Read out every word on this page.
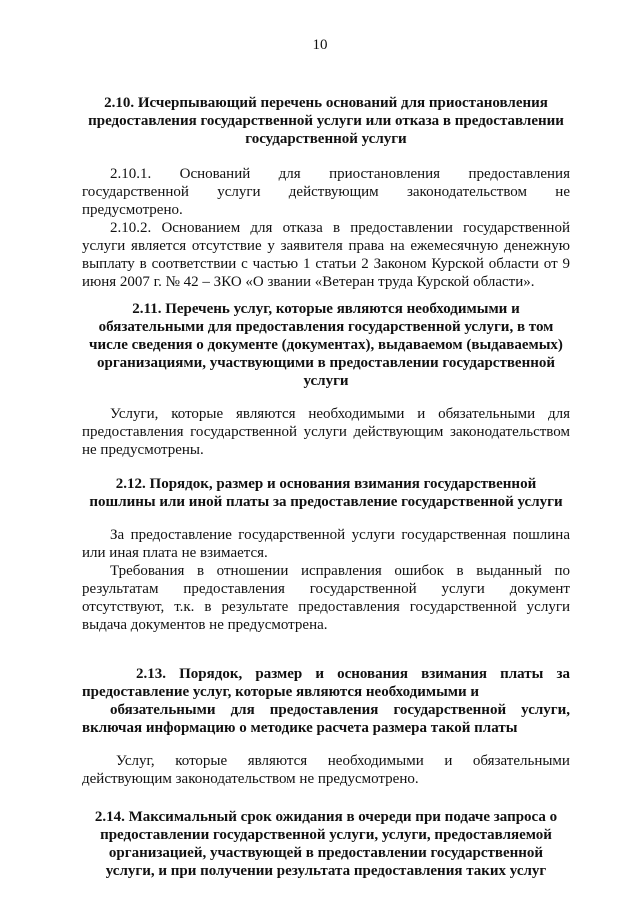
10
2.10. Исчерпывающий перечень оснований для приостановления
предоставления государственной услуги или отказа в предоставлении
государственной услуги
2.10.1. Оснований для приостановления предоставления
государственной услуги действующим законодательством не
предусмотрено.
2.10.2. Основанием для отказа в предоставлении государственной
услуги является отсутствие у заявителя права на ежемесячную денежную
выплату в соответствии с частью 1 статьи 2 Законом Курской области от 9
июня 2007 г. № 42 – ЗКО «О звании «Ветеран труда Курской области».
2.11. Перечень услуг, которые являются необходимыми и
обязательными для предоставления государственной услуги, в том
числе сведения о документе (документах), выдаваемом (выдаваемых)
организациями, участвующими в предоставлении государственной
услуги
Услуги, которые являются необходимыми и обязательными для
предоставления государственной услуги действующим законодательством
не предусмотрены.
2.12. Порядок, размер и основания взимания государственной
пошлины или иной платы за предоставление государственной услуги
За предоставление государственной услуги государственная пошлина
или иная плата не взимается.
Требования в отношении исправления ошибок в выданный по
результатам предоставления государственной услуги документ
отсутствуют, т.к. в результате предоставления государственной услуги
выдача документов не предусмотрена.
2.13. Порядок, размер и основания взимания платы за
предоставление услуг, которые являются необходимыми и
обязательными для предоставления государственной услуги,
включая информацию о методике расчета размера такой платы
Услуг, которые являются необходимыми и обязательными
действующим законодательством не предусмотрено.
2.14. Максимальный срок ожидания в очереди при подаче запроса о
предоставлении государственной услуги, услуги, предоставляемой
организацией, участвующей в предоставлении государственной
услуги, и при получении результата предоставления таких услуг
